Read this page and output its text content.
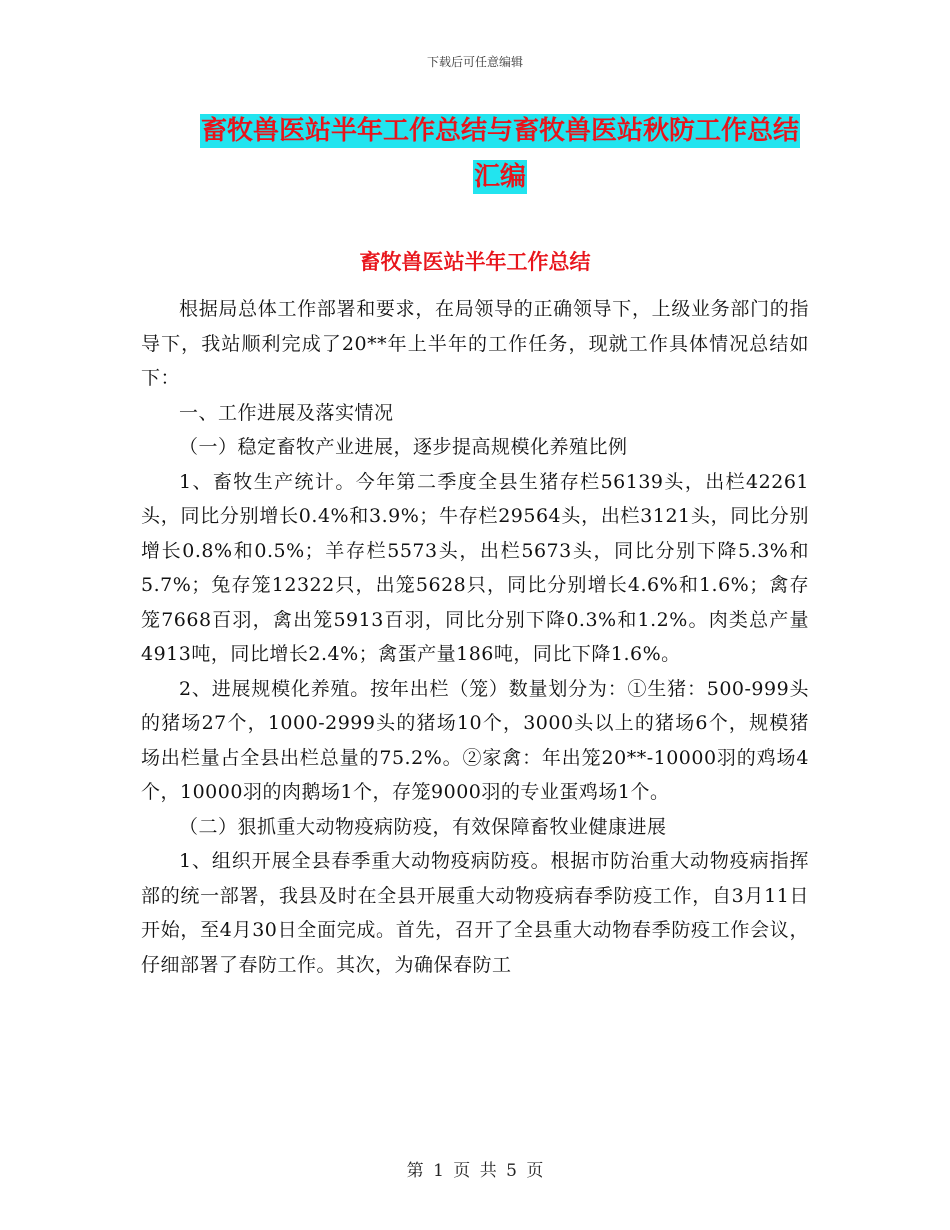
下载后可任意编辑
畜牧兽医站半年工作总结与畜牧兽医站秋防工作总结
汇编
畜牧兽医站半年工作总结

根据局总体工作部署和要求，在局领导的正确领导下，上级业务部门的指导下，我站顺利完成了20**年上半年的工作任务，现就工作具体情况总结如下：

一、工作进展及落实情况

（一）稳定畜牧产业进展，逐步提高规模化养殖比例

1、畜牧生产统计。今年第二季度全县生猪存栏56139头，出栏42261头，同比分别增长0.4%和3.9%；牛存栏29564头，出栏3121头，同比分别增长0.8%和0.5%；羊存栏5573头，出栏5673头，同比分别下降5.3%和5.7%；兔存笼12322只，出笼5628只，同比分别增长4.6%和1.6%；禽存笼7668百羽，禽出笼5913百羽，同比分别下降0.3%和1.2%。肉类总产量4913吨，同比增长2.4%；禽蛋产量186吨，同比下降1.6%。

2、进展规模化养殖。按年出栏（笼）数量划分为：①生猪：500-999头的猪场27个，1000-2999头的猪场10个，3000头以上的猪场6个，规模猪场出栏量占全县出栏总量的75.2%。②家禽：年出笼20**-10000羽的鸡场4个，10000羽的肉鹅场1个，存笼9000羽的专业蛋鸡场1个。

（二）狠抓重大动物疫病防疫，有效保障畜牧业健康进展

1、组织开展全县春季重大动物疫病防疫。根据市防治重大动物疫病指挥部的统一部署，我县及时在全县开展重大动物疫病春季防疫工作，自3月11日开始，至4月30日全面完成。首先，召开了全县重大动物春季防疫工作会议，仔细部署了春防工作。其次，为确保春防工

第 1 页 共 5 页
